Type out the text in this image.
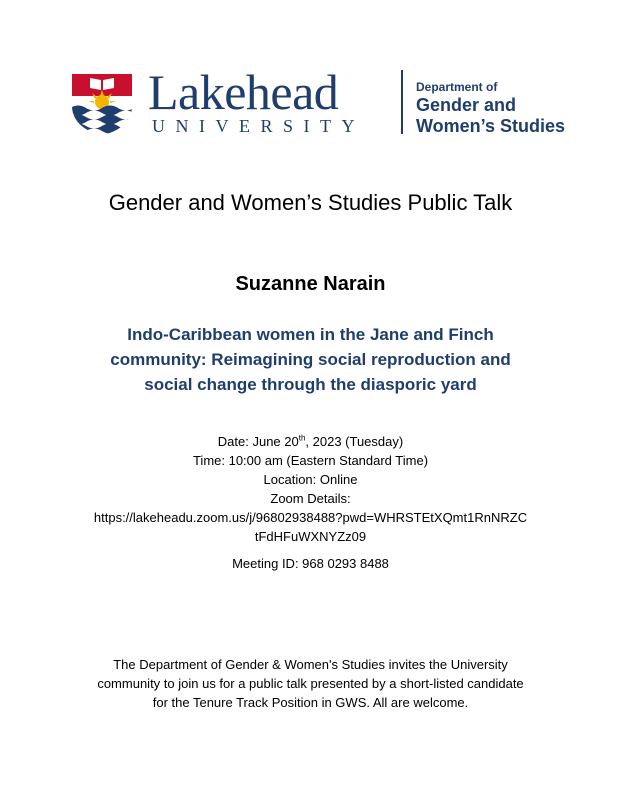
Lakehead
UNIVERSITY
Department of
Gender and
Women’s Studies
Gender and Women’s Studies Public Talk
Suzanne Narain
Indo-Caribbean women in the Jane and Finch
community: Reimagining social reproduction and
social change through the diasporic yard

Date: June 20th, 2023 (Tuesday)

Time: 10:00 am (Eastern Standard Time)

Location: Online

Zoom Details:

https://lakeheadu.zoom.us/j/96802938488?pwd=WHRSTEtXQmt1RnNRZC
tFdHFuWXNYZz09

Meeting ID: 968 0293 8488

The Department of Gender & Women's Studies invites the University
community to join us for a public talk presented by a short-listed candidate
for the Tenure Track Position in GWS. All are welcome.
